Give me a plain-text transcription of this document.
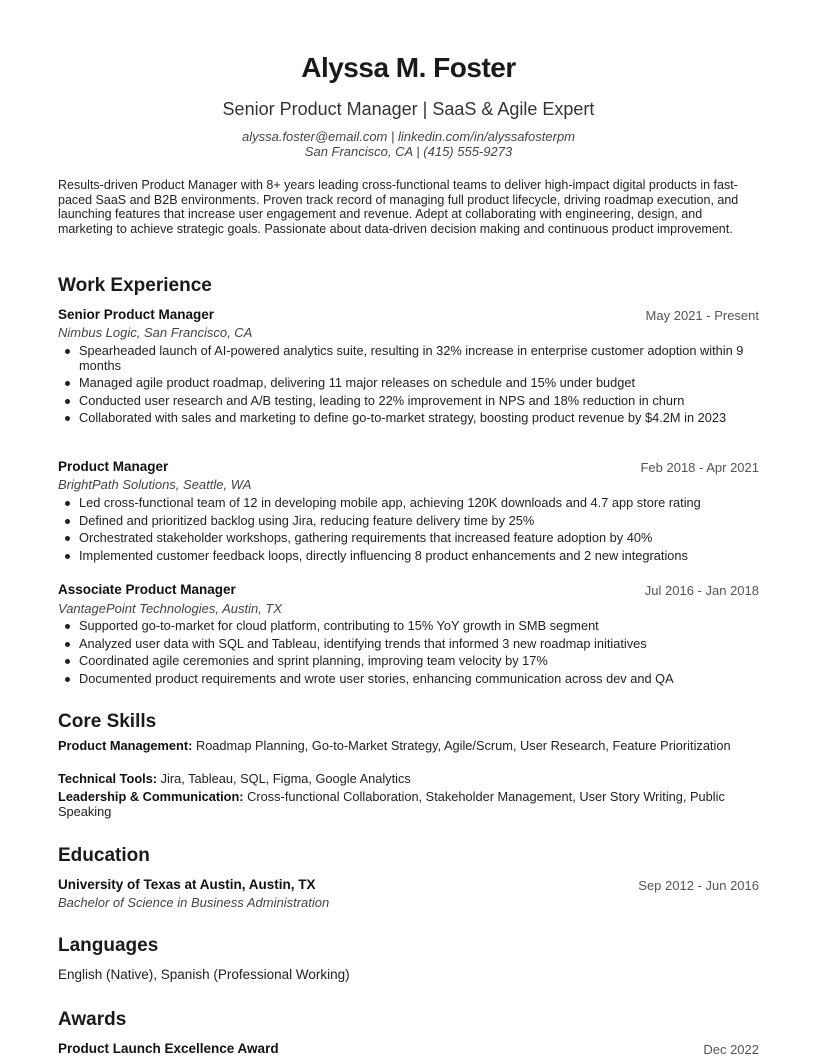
Alyssa M. Foster
Senior Product Manager | SaaS & Agile Expert
alyssa.foster@email.com | linkedin.com/in/alyssafosterpm
San Francisco, CA | (415) 555-9273
Results-driven Product Manager with 8+ years leading cross-functional teams to deliver high-impact digital products in fast-paced SaaS and B2B environments. Proven track record of managing full product lifecycle, driving roadmap execution, and launching features that increase user engagement and revenue. Adept at collaborating with engineering, design, and marketing to achieve strategic goals. Passionate about data-driven decision making and continuous product improvement.
Work Experience
Senior Product Manager	May 2021 - Present
Nimbus Logic, San Francisco, CA
Spearheaded launch of AI-powered analytics suite, resulting in 32% increase in enterprise customer adoption within 9 months
Managed agile product roadmap, delivering 11 major releases on schedule and 15% under budget
Conducted user research and A/B testing, leading to 22% improvement in NPS and 18% reduction in churn
Collaborated with sales and marketing to define go-to-market strategy, boosting product revenue by $4.2M in 2023
Product Manager	Feb 2018 - Apr 2021
BrightPath Solutions, Seattle, WA
Led cross-functional team of 12 in developing mobile app, achieving 120K downloads and 4.7 app store rating
Defined and prioritized backlog using Jira, reducing feature delivery time by 25%
Orchestrated stakeholder workshops, gathering requirements that increased feature adoption by 40%
Implemented customer feedback loops, directly influencing 8 product enhancements and 2 new integrations
Associate Product Manager	Jul 2016 - Jan 2018
VantagePoint Technologies, Austin, TX
Supported go-to-market for cloud platform, contributing to 15% YoY growth in SMB segment
Analyzed user data with SQL and Tableau, identifying trends that informed 3 new roadmap initiatives
Coordinated agile ceremonies and sprint planning, improving team velocity by 17%
Documented product requirements and wrote user stories, enhancing communication across dev and QA
Core Skills
Product Management: Roadmap Planning, Go-to-Market Strategy, Agile/Scrum, User Research, Feature Prioritization
Technical Tools: Jira, Tableau, SQL, Figma, Google Analytics
Leadership & Communication: Cross-functional Collaboration, Stakeholder Management, User Story Writing, Public Speaking
Education
University of Texas at Austin, Austin, TX	Sep 2012 - Jun 2016
Bachelor of Science in Business Administration
Languages
English (Native), Spanish (Professional Working)
Awards
Product Launch Excellence Award	Dec 2022
